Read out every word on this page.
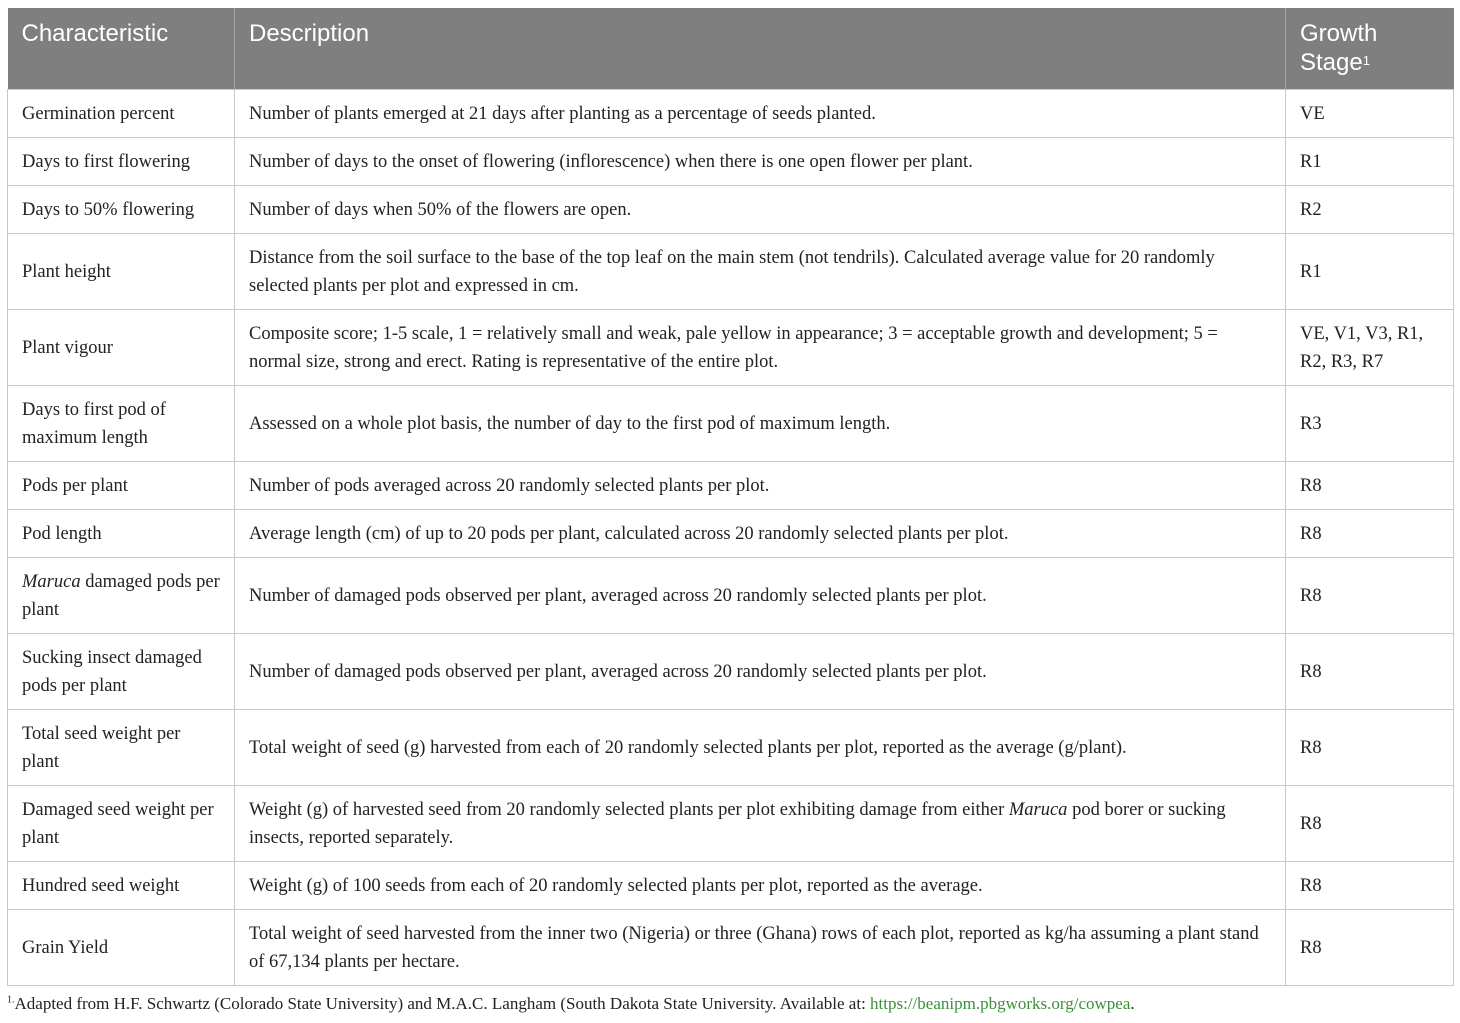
Characteristic	Description	Growth Stage$^1$
Germination percent	Number of plants emerged at 21 days after planting as a percentage of seeds planted.	VE
Days to first flowering	Number of days to the onset of flowering (inflorescence) when there is one open flower per plant.	R1
Days to 50% flowering	Number of days when 50% of the flowers are open.	R2
Plant height	Distance from the soil surface to the base of the top leaf on the main stem (not tendrils). Calculated average value for 20 randomly selected plants per plot and expressed in cm.	R1
Plant vigour	Composite score; 1-5 scale, 1 = relatively small and weak, pale yellow in appearance; 3 = acceptable growth and development; 5 = normal size, strong and erect. Rating is representative of the entire plot.	VE, V1, V3, R1, R2, R3, R7
Days to first pod of maximum length	Assessed on a whole plot basis, the number of day to the first pod of maximum length.	R3
Pods per plant	Number of pods averaged across 20 randomly selected plants per plot.	R8
Pod length	Average length (cm) of up to 20 pods per plant, calculated across 20 randomly selected plants per plot.	R8
Maruca damaged pods per plant	Number of damaged pods observed per plant, averaged across 20 randomly selected plants per plot.	R8
Sucking insect damaged pods per plant	Number of damaged pods observed per plant, averaged across 20 randomly selected plants per plot.	R8
Total seed weight per plant	Total weight of seed (g) harvested from each of 20 randomly selected plants per plot, reported as the average (g/plant).	R8
Damaged seed weight per plant	Weight (g) of harvested seed from 20 randomly selected plants per plot exhibiting damage from either Maruca pod borer or sucking insects, reported separately.	R8
Hundred seed weight	Weight (g) of 100 seeds from each of 20 randomly selected plants per plot, reported as the average.	R8
Grain Yield	Total weight of seed harvested from the inner two (Nigeria) or three (Ghana) rows of each plot, reported as kg/ha assuming a plant stand of 67,134 plants per hectare.	R8
$^{1.}$Adapted from H.F. Schwartz (Colorado State University) and M.A.C. Langham (South Dakota State University. Available at: https://beanipm.pbgworks.org/cowpea.
